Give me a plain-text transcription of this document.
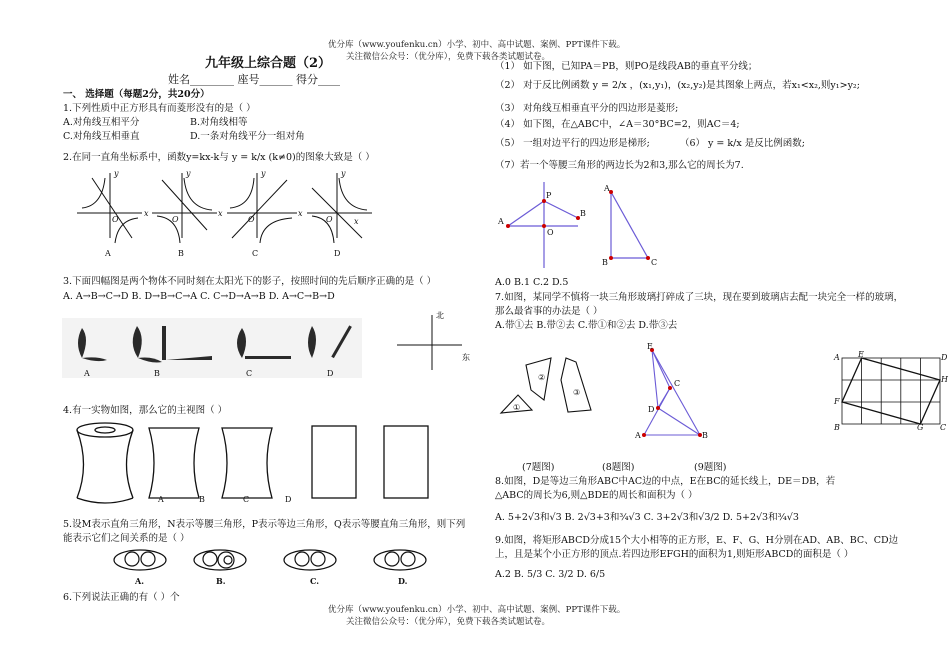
优分库（www.youfenku.cn）小学、初中、高中试题、案例、PPT课件下载。
关注微信公众号：（优分库），免费下载各类试题试卷。
九年级上综合题（2）
姓名________ 座号______ 得分____
一、 选择题（每题2分，共20分）
1.下列性质中正方形具有而菱形没有的是（ ）
A.对角线互相平分	B.对角线相等
C.对角线互相垂直	D.一条对角线平分一组对角
2.在同一直角坐标系中，函数y=kx-k与 y = k/x (k≠0)的图象大致是（ ）
x
y
O
x
y
O
x
y
O	x
y
O
A	B	C	D
3.下面四幅图是两个物体不同时刻在太阳光下的影子，按照时间的先后顺序正确的是（ ）
A. A→B→C→D B. D→B→C→A C. C→D→A→B D. A→C→B→D
A	B	C	D
北
东
4.有一实物如图，那么它的主视图（ ）
A	B	C	D
5.设M表示直角三角形，N表示等腰三角形，P表示等边三角形，Q表示等腰直角三角形，则下列
能表示它们之间关系的是（ ）
A.	B.	C.	D.
6.下列说法正确的有（ ）个
（1） 如下图，已知PA＝PB，则PO是线段AB的垂直平分线；
（2） 对于反比例函数 y = 2/x ，(x₁,y₁)，(x₂,y₂)是其图象上两点，若x₁<x₂,则y₁>y₂;
（3） 对角线互相垂直平分的四边形是菱形;
（4） 如下图，在△ABC中，∠A＝30°BC=2，则AC＝4;
（5） 一组对边平行的四边形是梯形;	（6） y = k/x 是反比例函数;
（7）若一个等腰三角形的两边长为2和3,那么它的周长为7.
A
P
B
O
A
B	C
A.0 B.1 C.2 D.5
7.如图，某同学不慎将一块三角形玻璃打碎成了三块，现在要到玻璃店去配一块完全一样的玻璃，
那么最省事的办法是（ ）
A.带①去 B.带②去 C.带①和②去 D.带③去
①
②
③
E
C
D
A	B
A E	D
H
F
B	G C
(7题图)	(8题图)	(9题图)
8.如图，D是等边三角形ABC中AC边的中点，E在BC的延长线上，DE＝DB，若
△ABC的周长为6,则△BDE的周长和面积为（ ）
A. 5+2√3和√3 B. 2√3+3和¾√3 C. 3+2√3和√3/2 D. 5+2√3和¾√3
9.如图，将矩形ABCD分成15个大小相等的正方形，E、F、G、H分别在AD、AB、BC、CD边
上，且是某个小正方形的顶点.若四边形EFGH的面积为1,则矩形ABCD的面积是（ ）
A.2 B. 5/3 C. 3/2 D. 6/5
优分库（www.youfenku.cn）小学、初中、高中试题、案例、PPT课件下载。
关注微信公众号：（优分库），免费下载各类试题试卷。
